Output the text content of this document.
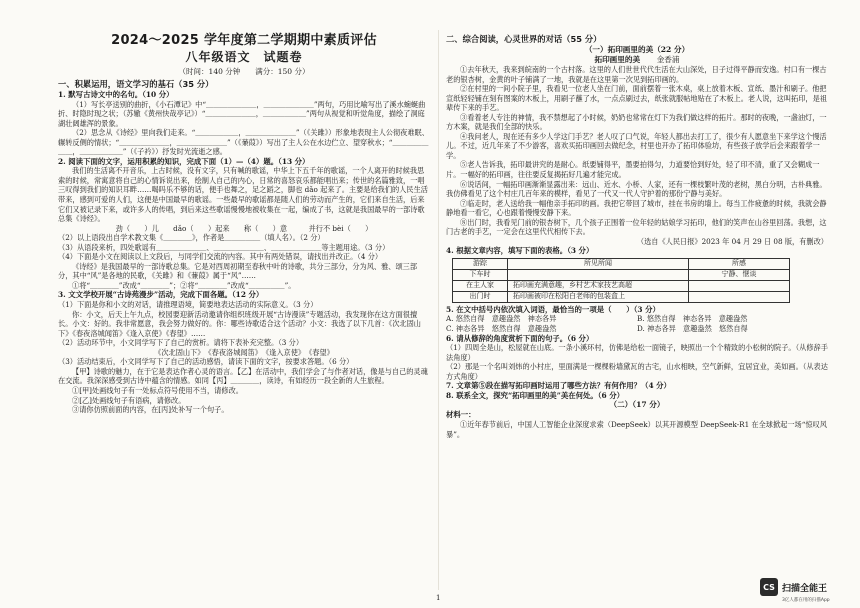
2024～2025 学年度第二学期期中素质评估
八年级语文　试题卷
（时间：140 分钟　　满分：150 分）
一、积累运用，语文学习的基石（35 分）

1. 默写古诗文中的名句。（10 分）

（1）写长亭送别的曲折，《小石潭记》中“＿＿＿＿＿＿＿，＿＿＿＿＿＿＿”两句，巧用比喻写出了溪水蜿蜒曲折、时隐时现之状；（苏辙《黄州快哉亭记》）“＿＿＿＿＿＿＿，＿＿＿＿＿＿”两句从视觉和听觉角度，描绘了洞庭湖壮阔雄浑的景象。

（2）思念从《诗经》里向我们走来。“＿＿＿＿＿＿，＿＿＿＿＿＿＿”（《关雎》）形象地表现主人公彻夜难眠、辗转反侧的情状；“＿＿＿＿＿＿＿，＿＿＿＿＿＿＿”（《蒹葭》）写出了主人公在水边伫立、望穿秋水；“＿＿＿＿＿＿＿，＿＿＿＿＿＿”（《子衿》）抒发时光流逝之感。

2. 阅读下面的文字，运用积累的知识，完成下面（1）—（4）题。（13 分）

我们的生活离不开音乐，上古时候，没有文字，只有喊的歌谣，中华上下五千年的歌谣，一个人离开的时候我思索的时候，常寓意将自己的心情诉说出来，绘制人自己的内心，日常的喜怒哀乐都能唱出来；传世的名篇雅致，一唱三叹得到我们的知识耳畔……喝吗乐不够的话，便手也舞之，足之蹈之，脚也 dǎo 起来了。主要是给我们的人民生活带来，感到可爱的人们，这便是中国最早的歌谣。一些最早的歌谣都是随人们的劳动而产生的，它们来自生活，后来它们又被记录下来，或许多人的传唱，到后来这些歌谣慢慢地被收集在一起，编成了书，这就是我国最早的一部诗歌总集《诗经》。

劲（　　）儿　　dǎo（　　）起来　　称（　　）意　　　并行不 bèi（　　）

（2）以上语段出自学术教文集《＿＿＿＿》，作者是＿＿＿＿＿（填人名）。（2 分）

（3）从语段来析，四处歌谣有＿＿＿＿＿＿＿、＿＿＿＿＿＿＿、＿＿＿＿＿＿＿等主题用途。（3 分）

（4）下面是小文在阅读以上文段后，与同学们交流的内容。其中有两处错误，请找出并改正。（4 分）

《诗经》是我国最早的一部诗歌总集。它是对西周初期至春秋中叶的诗歌，共分三部分，分为风、雅、颂三部分，其中“风”是各地的民歌，《关雎》和《蒹葭》属于“风”……

①将“＿＿＿＿”改成“＿＿＿＿”；②将“＿＿＿＿”改成“＿＿＿＿＿”。

3. 文文学校开展“古诗苑漫步”活动，完成下面各题。（12 分）

（1）下面是你和小文的对话，请推理语境，简要地表达活动的实际意义。（3 分）

你：小文，后天上午九点，校园要迎新活动邀请你组织班级开展“古诗漫读”专题活动，我发现你在这方面很擅长。小文：好的。我非常愿意，我会努力做好的。你：哪些诗歌适合这个活动？小文：我选了以下几首：《次北固山下》《春夜洛城闻笛》《逢入京使》《春望》……

（2）活动环节中，小文同学写下了自己的赏析。请将下表补充完整。（3 分）

《次北固山下》　《春夜洛城闻笛》　《逢入京使》　《春望》

（3）活动结束后，小文同学写下了自己的活动感悟，请读下面的文字，按要求答题。（6 分）

【甲】诗歌的魅力，在于它是表达作者心灵的语言。【乙】在活动中，我们学会了与作者对话，像是与自己的灵魂在交流。我深深感受到古诗中蕴含的情感。如同【丙】＿＿＿＿，读诗，有如经历一段全新的人生旅程。

①[甲]处画线句子有一处标点符号使用不当，请修改。

②[乙]处画线句子有语病，请修改。

③请你仿照前面的内容，在[丙]处补写一个句子。

二、综合阅读，心灵世界的对话（55 分）
（一）拓印画里的美（22 分）
拓印画里的美 金香浦

①去年秋天，我来到皖南的一个古村落。这里的人们世世代代生活在大山深处，日子过得平静而安逸。村口有一棵古老的银杏树，金黄的叶子铺满了一地，我就是在这里第一次见到拓印画的。

②在村里的一间小院子里，我看见一位老人坐在门前，面前摆着一张木桌，桌上放着木板、宣纸、墨汁和刷子。他把宣纸轻轻铺在刻有图案的木板上，用刷子蘸了水，一点点刷过去，纸张就服帖地贴在了木板上。老人说，这叫拓印，是祖辈传下来的手艺。

③看着老人专注的神情，我不禁想起了小时候，奶奶也常常在灯下为我们做这样的拓片。那时的夜晚，一盏油灯，一方木案，就是我们全部的快乐。

④我问老人，现在还有多少人学这门手艺？老人叹了口气说，年轻人都出去打工了，很少有人愿意坐下来学这个慢活儿。不过，近几年来了不少游客，喜欢买拓印画回去做纪念，村里也开办了拓印体验坊，有些孩子放学后会来跟着学一学。

⑤老人告诉我，拓印最讲究的是耐心。纸要铺得平，墨要拍得匀，力道要恰到好处，轻了印不清，重了又会糊成一片。一幅好的拓印画，往往要反复揭拓好几遍才能完成。

⑥说话间，一幅拓印画渐渐显露出来：远山、近水、小桥、人家，还有一棵枝繁叶茂的老树，黑白分明，古朴典雅。我仿佛看见了这个村庄几百年来的模样，看见了一代又一代人守护着的那份宁静与美好。

⑦临走时，老人送给我一幅他亲手拓印的画。我把它带回了城市，挂在书房的墙上。每当工作疲惫的时候，我就会静静地看一看它，心也跟着慢慢安静下来。

⑧出门时，我看见门前的银杏树下，几个孩子正围着一位年轻的姑娘学习拓印，他们的笑声在山谷里回荡。我想，这门古老的手艺，一定会在这里代代相传下去。

（选自《人民日报》2023 年 04 月 29 日 08 版，有删改）

4. 根据文章内容，填写下面的表格。（3 分）

游踪	所见所闻	所感
下车时		宁静、惬谈
在主人家	拓印画充满意趣，乡村艺术家技艺高超	
出门时	拓印画被印在松阳白老师的包装盒上	

5. 在文中括号内依次填入词语，最恰当的一项是（　　）（3 分）

A. 悠然自得　意趣盎然　神态各异	B. 悠然自得　神态各异　意趣盎然
C. 神态各异　悠然自得　意趣盎然	D. 神态各异　意趣盎然　悠然自得

6. 请从修辞的角度赏析下面的句子。（6 分）

（1）四周全是山，松屋就在山底。一条小溪环村，仿佛是给松一面镜子，映照出一个个精致的小松树的院子。（从修辞手法角度）

（2）那是一个名叫刘炜的小村庄，里面满是一棵棵粉墙黛瓦的古宅，山水相映，空气新鲜，宜居宜业，美如画。（从表达方式角度）

7. 文章第⑤段在描写拓印画时运用了哪些方法？有何作用？（4 分）

8. 联系全文，探究“拓印画里的美”美在何处。（6 分）

（二）（17 分）

材料一：

①近年春节前后，中国人工智能企业深度求索（DeepSeek）以其开源模型 DeepSeek-R1 在全球掀起一场“惊叹风暴”。

1
CS 扫描全能王
3亿人都在用的扫描App
